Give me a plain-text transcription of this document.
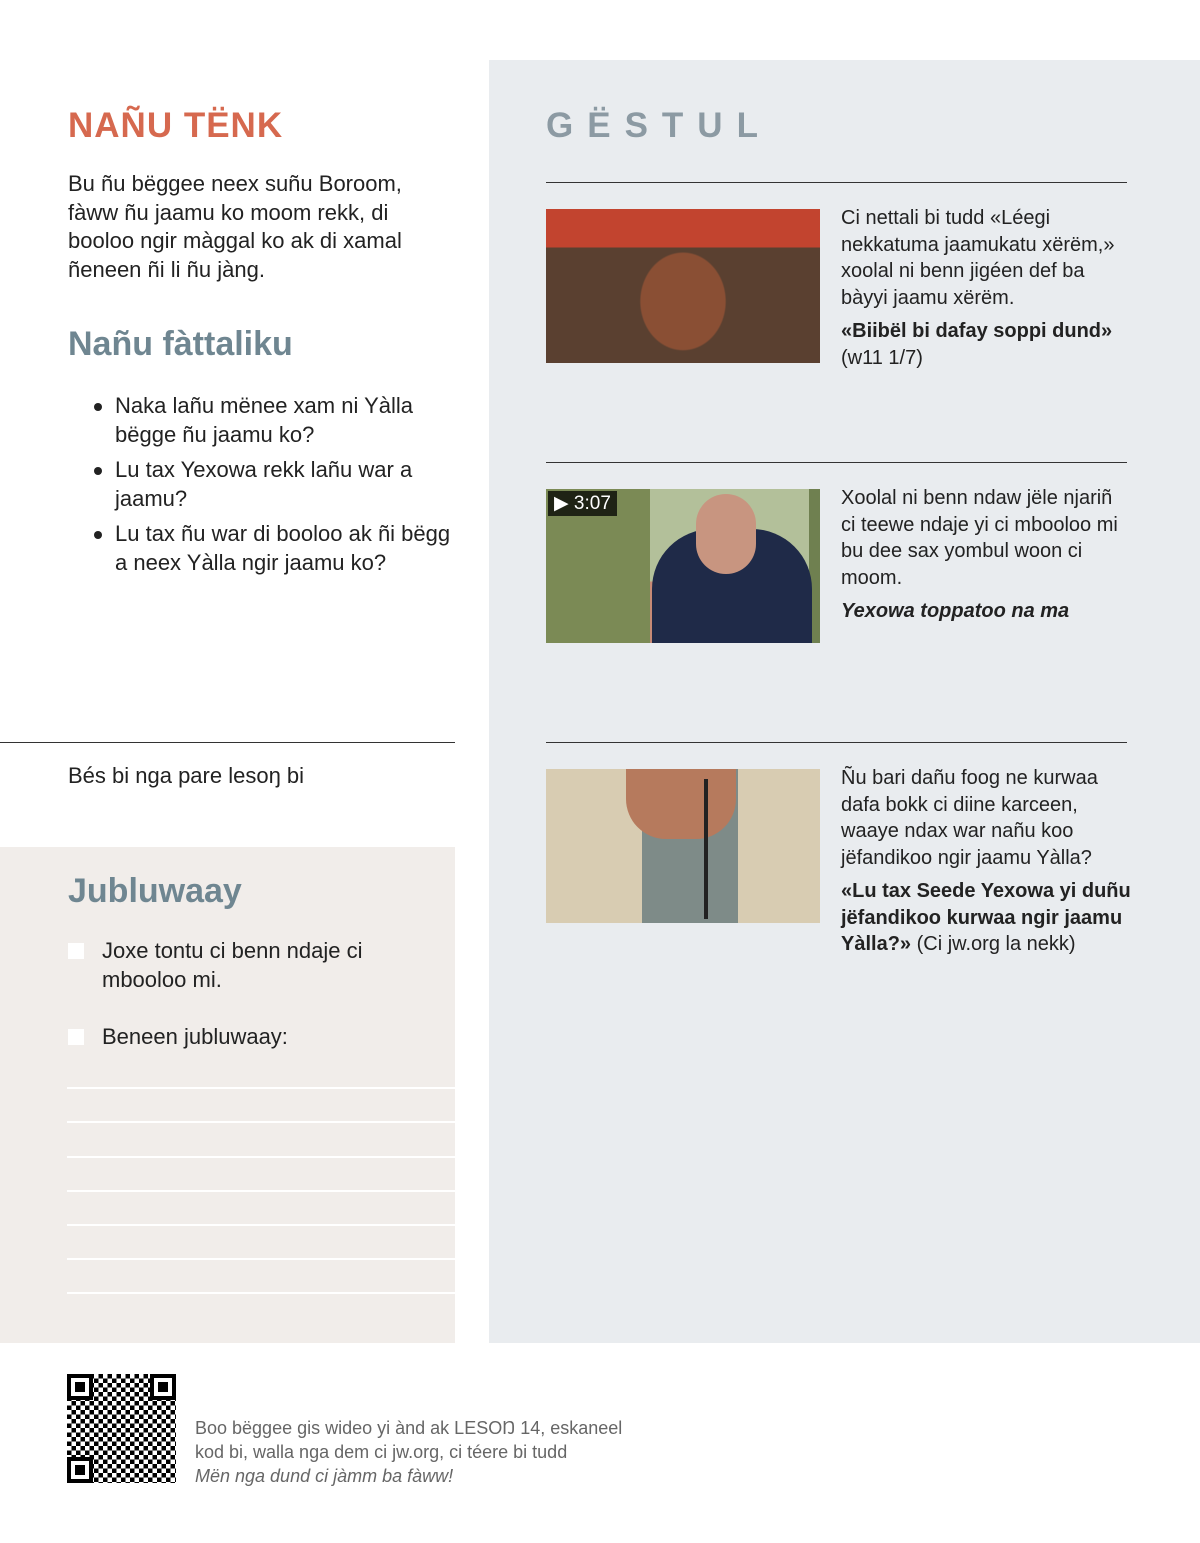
NAÑU TËNK

Bu ñu bëggee neex suñu Boroom, fàww ñu jaamu ko moom rekk, di booloo ngir màggal ko ak di xamal ñeneen ñi li ñu jàng.

Nañu fàttaliku
Naka lañu mënee xam ni Yàlla bëgge ñu jaamu ko?
Lu tax Yexowa rekk lañu war a jaamu?
Lu tax ñu war di booloo ak ñi bëgg a neex Yàlla ngir jaamu ko?
Bés bi nga pare lesoŋ bi
Jubluwaay
Joxe tontu ci benn ndaje ci mbooloo mi.
Beneen jubluwaay:
GËSTUL
Ci nettali bi tudd «Léegi nekkatuma jaamukatu xërëm,» xoolal ni benn jigéen def ba bàyyi jaamu xërëm.
«Biibël bi dafay soppi dund»
(w11 1/7)
▶ 3:07	Xoolal ni benn ndaw jële njariñ ci teewe ndaje yi ci mbooloo mi bu dee sax yombul woon ci moom.
Yexowa toppatoo na ma
Ñu bari dañu foog ne kurwaa dafa bokk ci diine karceen, waaye ndax war nañu koo jëfandikoo ngir jaamu Yàlla?
«Lu tax Seede Yexowa yi duñu jëfandikoo kurwaa ngir jaamu Yàlla?» (Ci jw.org la nekk)
Boo bëggee gis wideo yi ànd ak LESOŊ 14, eskaneel
kod bi, walla nga dem ci jw.org, ci téere bi tudd
Mën nga dund ci jàmm ba fàww!
